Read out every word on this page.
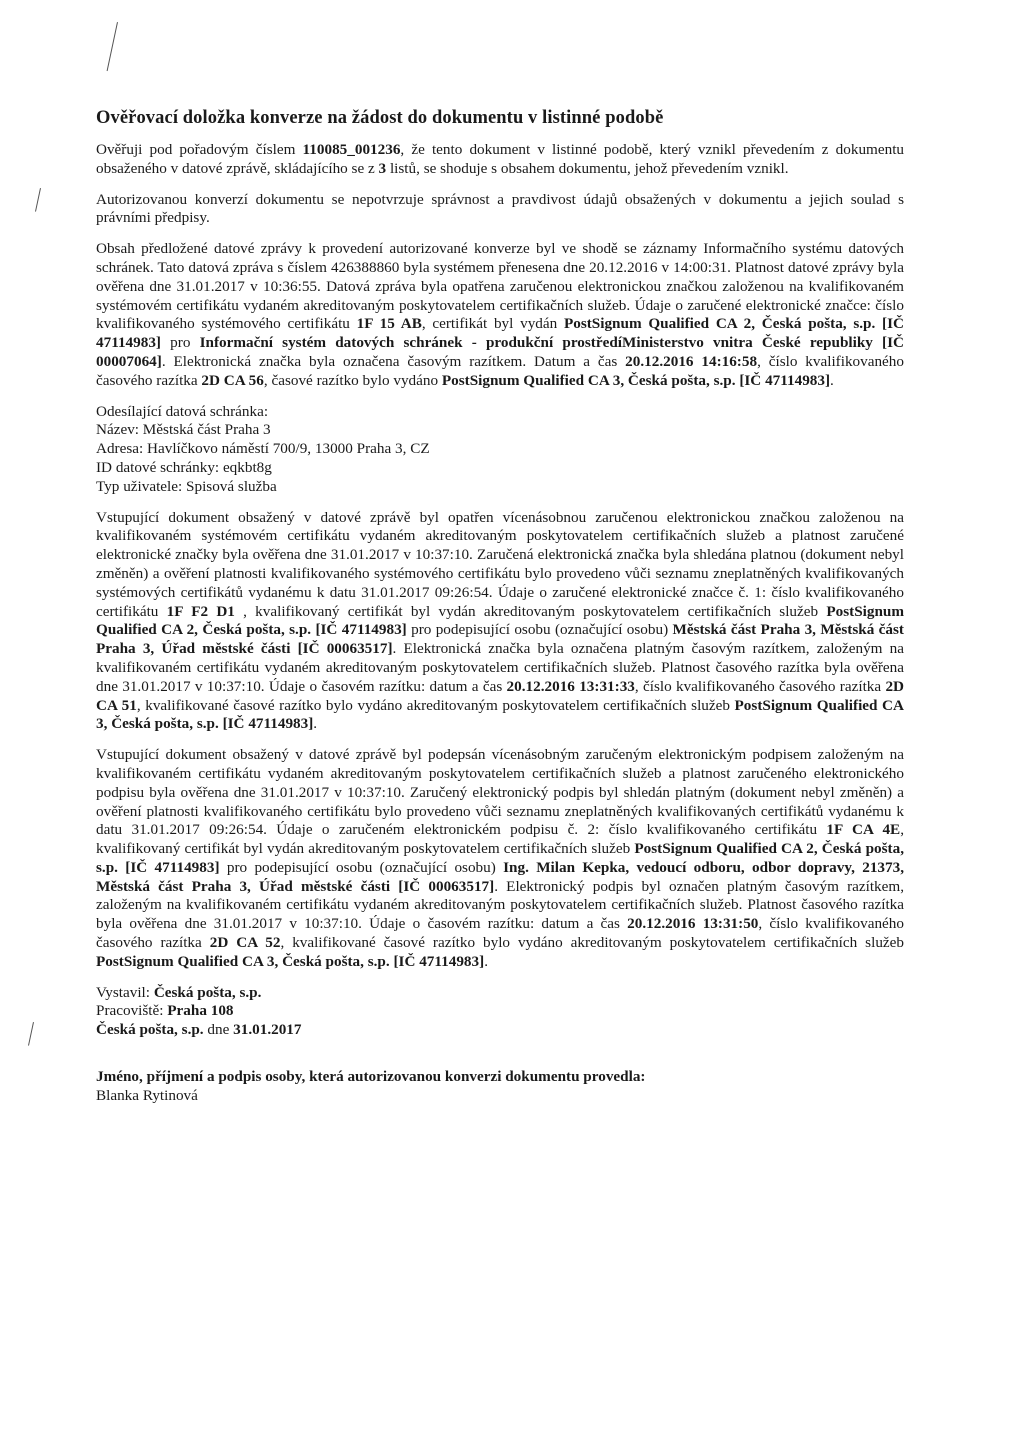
Ověřovací doložka konverze na žádost do dokumentu v listinné podobě

Ověřuji pod pořadovým číslem 110085_001236, že tento dokument v listinné podobě, který vznikl převedením z dokumentu obsaženého v datové zprávě, skládajícího se z 3 listů, se shoduje s obsahem dokumentu, jehož převedením vznikl.

Autorizovanou konverzí dokumentu se nepotvrzuje správnost a pravdivost údajů obsažených v dokumentu a jejich soulad s právními předpisy.

Obsah předložené datové zprávy k provedení autorizované konverze byl ve shodě se záznamy Informačního systému datových schránek. Tato datová zpráva s číslem 426388860 byla systémem přenesena dne 20.12.2016 v 14:00:31. Platnost datové zprávy byla ověřena dne 31.01.2017 v 10:36:55. Datová zpráva byla opatřena zaručenou elektronickou značkou založenou na kvalifikovaném systémovém certifikátu vydaném akreditovaným poskytovatelem certifikačních služeb. Údaje o zaručené elektronické značce: číslo kvalifikovaného systémového certifikátu 1F 15 AB, certifikát byl vydán PostSignum Qualified CA 2, Česká pošta, s.p. [IČ 47114983] pro Informační systém datových schránek - produkční prostředíMinisterstvo vnitra České republiky [IČ 00007064]. Elektronická značka byla označena časovým razítkem. Datum a čas 20.12.2016 14:16:58, číslo kvalifikovaného časového razítka 2D CA 56, časové razítko bylo vydáno PostSignum Qualified CA 3, Česká pošta, s.p. [IČ 47114983].

Odesílající datová schránka:
Název: Městská část Praha 3
Adresa: Havlíčkovo náměstí 700/9, 13000 Praha 3, CZ
ID datové schránky: eqkbt8g
Typ uživatele: Spisová služba

Vstupující dokument obsažený v datové zprávě byl opatřen vícenásobnou zaručenou elektronickou značkou založenou na kvalifikovaném systémovém certifikátu vydaném akreditovaným poskytovatelem certifikačních služeb a platnost zaručené elektronické značky byla ověřena dne 31.01.2017 v 10:37:10. Zaručená elektronická značka byla shledána platnou (dokument nebyl změněn) a ověření platnosti kvalifikovaného systémového certifikátu bylo provedeno vůči seznamu zneplatněných kvalifikovaných systémových certifikátů vydanému k datu 31.01.2017 09:26:54. Údaje o zaručené elektronické značce č. 1: číslo kvalifikovaného certifikátu 1F F2 D1 , kvalifikovaný certifikát byl vydán akreditovaným poskytovatelem certifikačních služeb PostSignum Qualified CA 2, Česká pošta, s.p. [IČ 47114983] pro podepisující osobu (označující osobu) Městská část Praha 3, Městská část Praha 3, Úřad městské části [IČ 00063517]. Elektronická značka byla označena platným časovým razítkem, založeným na kvalifikovaném certifikátu vydaném akreditovaným poskytovatelem certifikačních služeb. Platnost časového razítka byla ověřena dne 31.01.2017 v 10:37:10. Údaje o časovém razítku: datum a čas 20.12.2016 13:31:33, číslo kvalifikovaného časového razítka 2D CA 51, kvalifikované časové razítko bylo vydáno akreditovaným poskytovatelem certifikačních služeb PostSignum Qualified CA 3, Česká pošta, s.p. [IČ 47114983].

Vstupující dokument obsažený v datové zprávě byl podepsán vícenásobným zaručeným elektronickým podpisem založeným na kvalifikovaném certifikátu vydaném akreditovaným poskytovatelem certifikačních služeb a platnost zaručeného elektronického podpisu byla ověřena dne 31.01.2017 v 10:37:10. Zaručený elektronický podpis byl shledán platným (dokument nebyl změněn) a ověření platnosti kvalifikovaného certifikátu bylo provedeno vůči seznamu zneplatněných kvalifikovaných certifikátů vydanému k datu 31.01.2017 09:26:54. Údaje o zaručeném elektronickém podpisu č. 2: číslo kvalifikovaného certifikátu 1F CA 4E, kvalifikovaný certifikát byl vydán akreditovaným poskytovatelem certifikačních služeb PostSignum Qualified CA 2, Česká pošta, s.p. [IČ 47114983] pro podepisující osobu (označující osobu) Ing. Milan Kepka, vedoucí odboru, odbor dopravy, 21373, Městská část Praha 3, Úřad městské části [IČ 00063517]. Elektronický podpis byl označen platným časovým razítkem, založeným na kvalifikovaném certifikátu vydaném akreditovaným poskytovatelem certifikačních služeb. Platnost časového razítka byla ověřena dne 31.01.2017 v 10:37:10. Údaje o časovém razítku: datum a čas 20.12.2016 13:31:50, číslo kvalifikovaného časového razítka 2D CA 52, kvalifikované časové razítko bylo vydáno akreditovaným poskytovatelem certifikačních služeb PostSignum Qualified CA 3, Česká pošta, s.p. [IČ 47114983].

Vystavil: Česká pošta, s.p.
Pracoviště: Praha 108
Česká pošta, s.p. dne 31.01.2017
Jméno, příjmení a podpis osoby, která autorizovanou konverzi dokumentu provedla:
Blanka Rytinová
